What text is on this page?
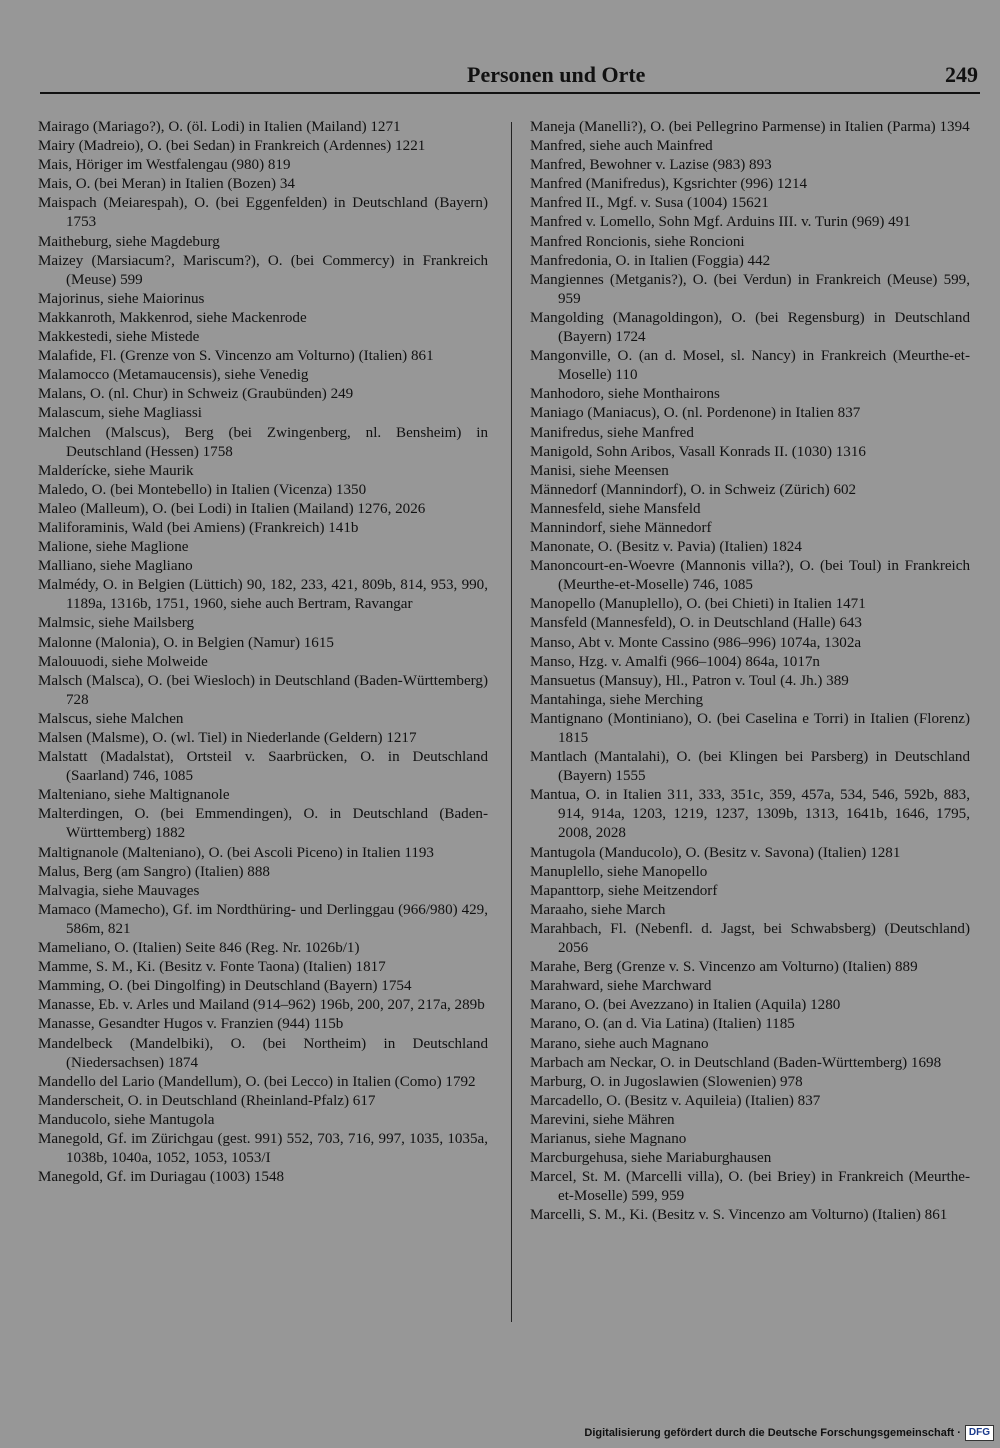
Personen und Orte	249
Mairago (Mariago?), O. (öl. Lodi) in Italien (Mailand) 1271
Mairy (Madreio), O. (bei Sedan) in Frankreich (Ardennes) 1221
Mais, Höriger im Westfalengau (980) 819
Mais, O. (bei Meran) in Italien (Bozen) 34
Maispach (Meiarespah), O. (bei Eggenfelden) in Deutschland (Bayern) 1753
Maitheburg, siehe Magdeburg
Maizey (Marsiacum?, Mariscum?), O. (bei Commercy) in Frankreich (Meuse) 599
Majorinus, siehe Maiorinus
Makkanroth, Makkenrod, siehe Mackenrode
Makkestedi, siehe Mistede
Malafide, Fl. (Grenze von S. Vincenzo am Volturno) (Italien) 861
Malamocco (Metamaucensis), siehe Venedig
Malans, O. (nl. Chur) in Schweiz (Graubünden) 249
Malascum, siehe Magliassi
Malchen (Malscus), Berg (bei Zwingenberg, nl. Bensheim) in Deutschland (Hessen) 1758
Malderícke, siehe Maurik
Maledo, O. (bei Montebello) in Italien (Vicenza) 1350
Maleo (Malleum), O. (bei Lodi) in Italien (Mailand) 1276, 2026
Maliforaminis, Wald (bei Amiens) (Frankreich) 141b
Malione, siehe Maglione
Malliano, siehe Magliano
Malmédy, O. in Belgien (Lüttich) 90, 182, 233, 421, 809b, 814, 953, 990, 1189a, 1316b, 1751, 1960, siehe auch Bertram, Ravangar
Malmsic, siehe Mailsberg
Malonne (Malonia), O. in Belgien (Namur) 1615
Malouuodi, siehe Molweide
Malsch (Malsca), O. (bei Wiesloch) in Deutschland (Baden-Württemberg) 728
Malscus, siehe Malchen
Malsen (Malsme), O. (wl. Tiel) in Niederlande (Geldern) 1217
Malstatt (Madalstat), Ortsteil v. Saarbrücken, O. in Deutschland (Saarland) 746, 1085
Malteniano, siehe Maltignanole
Malterdingen, O. (bei Emmendingen), O. in Deutschland (Baden-Württemberg) 1882
Maltignanole (Malteniano), O. (bei Ascoli Piceno) in Italien 1193
Malus, Berg (am Sangro) (Italien) 888
Malvagia, siehe Mauvages
Mamaco (Mamecho), Gf. im Nordthüring- und Derlinggau (966/980) 429, 586m, 821
Mameliano, O. (Italien) Seite 846 (Reg. Nr. 1026b/1)
Mamme, S. M., Ki. (Besitz v. Fonte Taona) (Italien) 1817
Mamming, O. (bei Dingolfing) in Deutschland (Bayern) 1754
Manasse, Eb. v. Arles und Mailand (914–962) 196b, 200, 207, 217a, 289b
Manasse, Gesandter Hugos v. Franzien (944) 115b
Mandelbeck (Mandelbiki), O. (bei Northeim) in Deutschland (Niedersachsen) 1874
Mandello del Lario (Mandellum), O. (bei Lecco) in Italien (Como) 1792
Manderscheit, O. in Deutschland (Rheinland-Pfalz) 617
Manducolo, siehe Mantugola
Manegold, Gf. im Zürichgau (gest. 991) 552, 703, 716, 997, 1035, 1035a, 1038b, 1040a, 1052, 1053, 1053/I
Manegold, Gf. im Duriagau (1003) 1548
Maneja (Manelli?), O. (bei Pellegrino Parmense) in Italien (Parma) 1394
Manfred, siehe auch Mainfred
Manfred, Bewohner v. Lazise (983) 893
Manfred (Manifredus), Kgsrichter (996) 1214
Manfred II., Mgf. v. Susa (1004) 15621
Manfred v. Lomello, Sohn Mgf. Arduins III. v. Turin (969) 491
Manfred Roncionis, siehe Roncioni
Manfredonia, O. in Italien (Foggia) 442
Mangiennes (Metganis?), O. (bei Verdun) in Frankreich (Meuse) 599, 959
Mangolding (Managoldingon), O. (bei Regensburg) in Deutschland (Bayern) 1724
Mangonville, O. (an d. Mosel, sl. Nancy) in Frankreich (Meurthe-et-Moselle) 110
Manhodoro, siehe Monthairons
Maniago (Maniacus), O. (nl. Pordenone) in Italien 837
Manifredus, siehe Manfred
Manigold, Sohn Aribos, Vasall Konrads II. (1030) 1316
Manisi, siehe Meensen
Männedorf (Mannindorf), O. in Schweiz (Zürich) 602
Mannesfeld, siehe Mansfeld
Mannindorf, siehe Männedorf
Manonate, O. (Besitz v. Pavia) (Italien) 1824
Manoncourt-en-Woevre (Mannonis villa?), O. (bei Toul) in Frankreich (Meurthe-et-Moselle) 746, 1085
Manopello (Manuplello), O. (bei Chieti) in Italien 1471
Mansfeld (Mannesfeld), O. in Deutschland (Halle) 643
Manso, Abt v. Monte Cassino (986–996) 1074a, 1302a
Manso, Hzg. v. Amalfi (966–1004) 864a, 1017n
Mansuetus (Mansuy), Hl., Patron v. Toul (4. Jh.) 389
Mantahinga, siehe Merching
Mantignano (Montiniano), O. (bei Caselina e Torri) in Italien (Florenz) 1815
Mantlach (Mantalahi), O. (bei Klingen bei Parsberg) in Deutschland (Bayern) 1555
Mantua, O. in Italien 311, 333, 351c, 359, 457a, 534, 546, 592b, 883, 914, 914a, 1203, 1219, 1237, 1309b, 1313, 1641b, 1646, 1795, 2008, 2028
Mantugola (Manducolo), O. (Besitz v. Savona) (Italien) 1281
Manuplello, siehe Manopello
Mapanttorp, siehe Meitzendorf
Maraaho, siehe March
Marahbach, Fl. (Nebenfl. d. Jagst, bei Schwabsberg) (Deutschland) 2056
Marahe, Berg (Grenze v. S. Vincenzo am Volturno) (Italien) 889
Marahward, siehe Marchward
Marano, O. (bei Avezzano) in Italien (Aquila) 1280
Marano, O. (an d. Via Latina) (Italien) 1185
Marano, siehe auch Magnano
Marbach am Neckar, O. in Deutschland (Baden-Württemberg) 1698
Marburg, O. in Jugoslawien (Slowenien) 978
Marcadello, O. (Besitz v. Aquileia) (Italien) 837
Marevini, siehe Mähren
Marianus, siehe Magnano
Marcburgehusa, siehe Mariaburghausen
Marcel, St. M. (Marcelli villa), O. (bei Briey) in Frankreich (Meurthe-et-Moselle) 599, 959
Marcelli, S. M., Ki. (Besitz v. S. Vincenzo am Volturno) (Italien) 861
Digitalisierung gefördert durch die Deutsche Forschungsgemeinschaft · DFG
